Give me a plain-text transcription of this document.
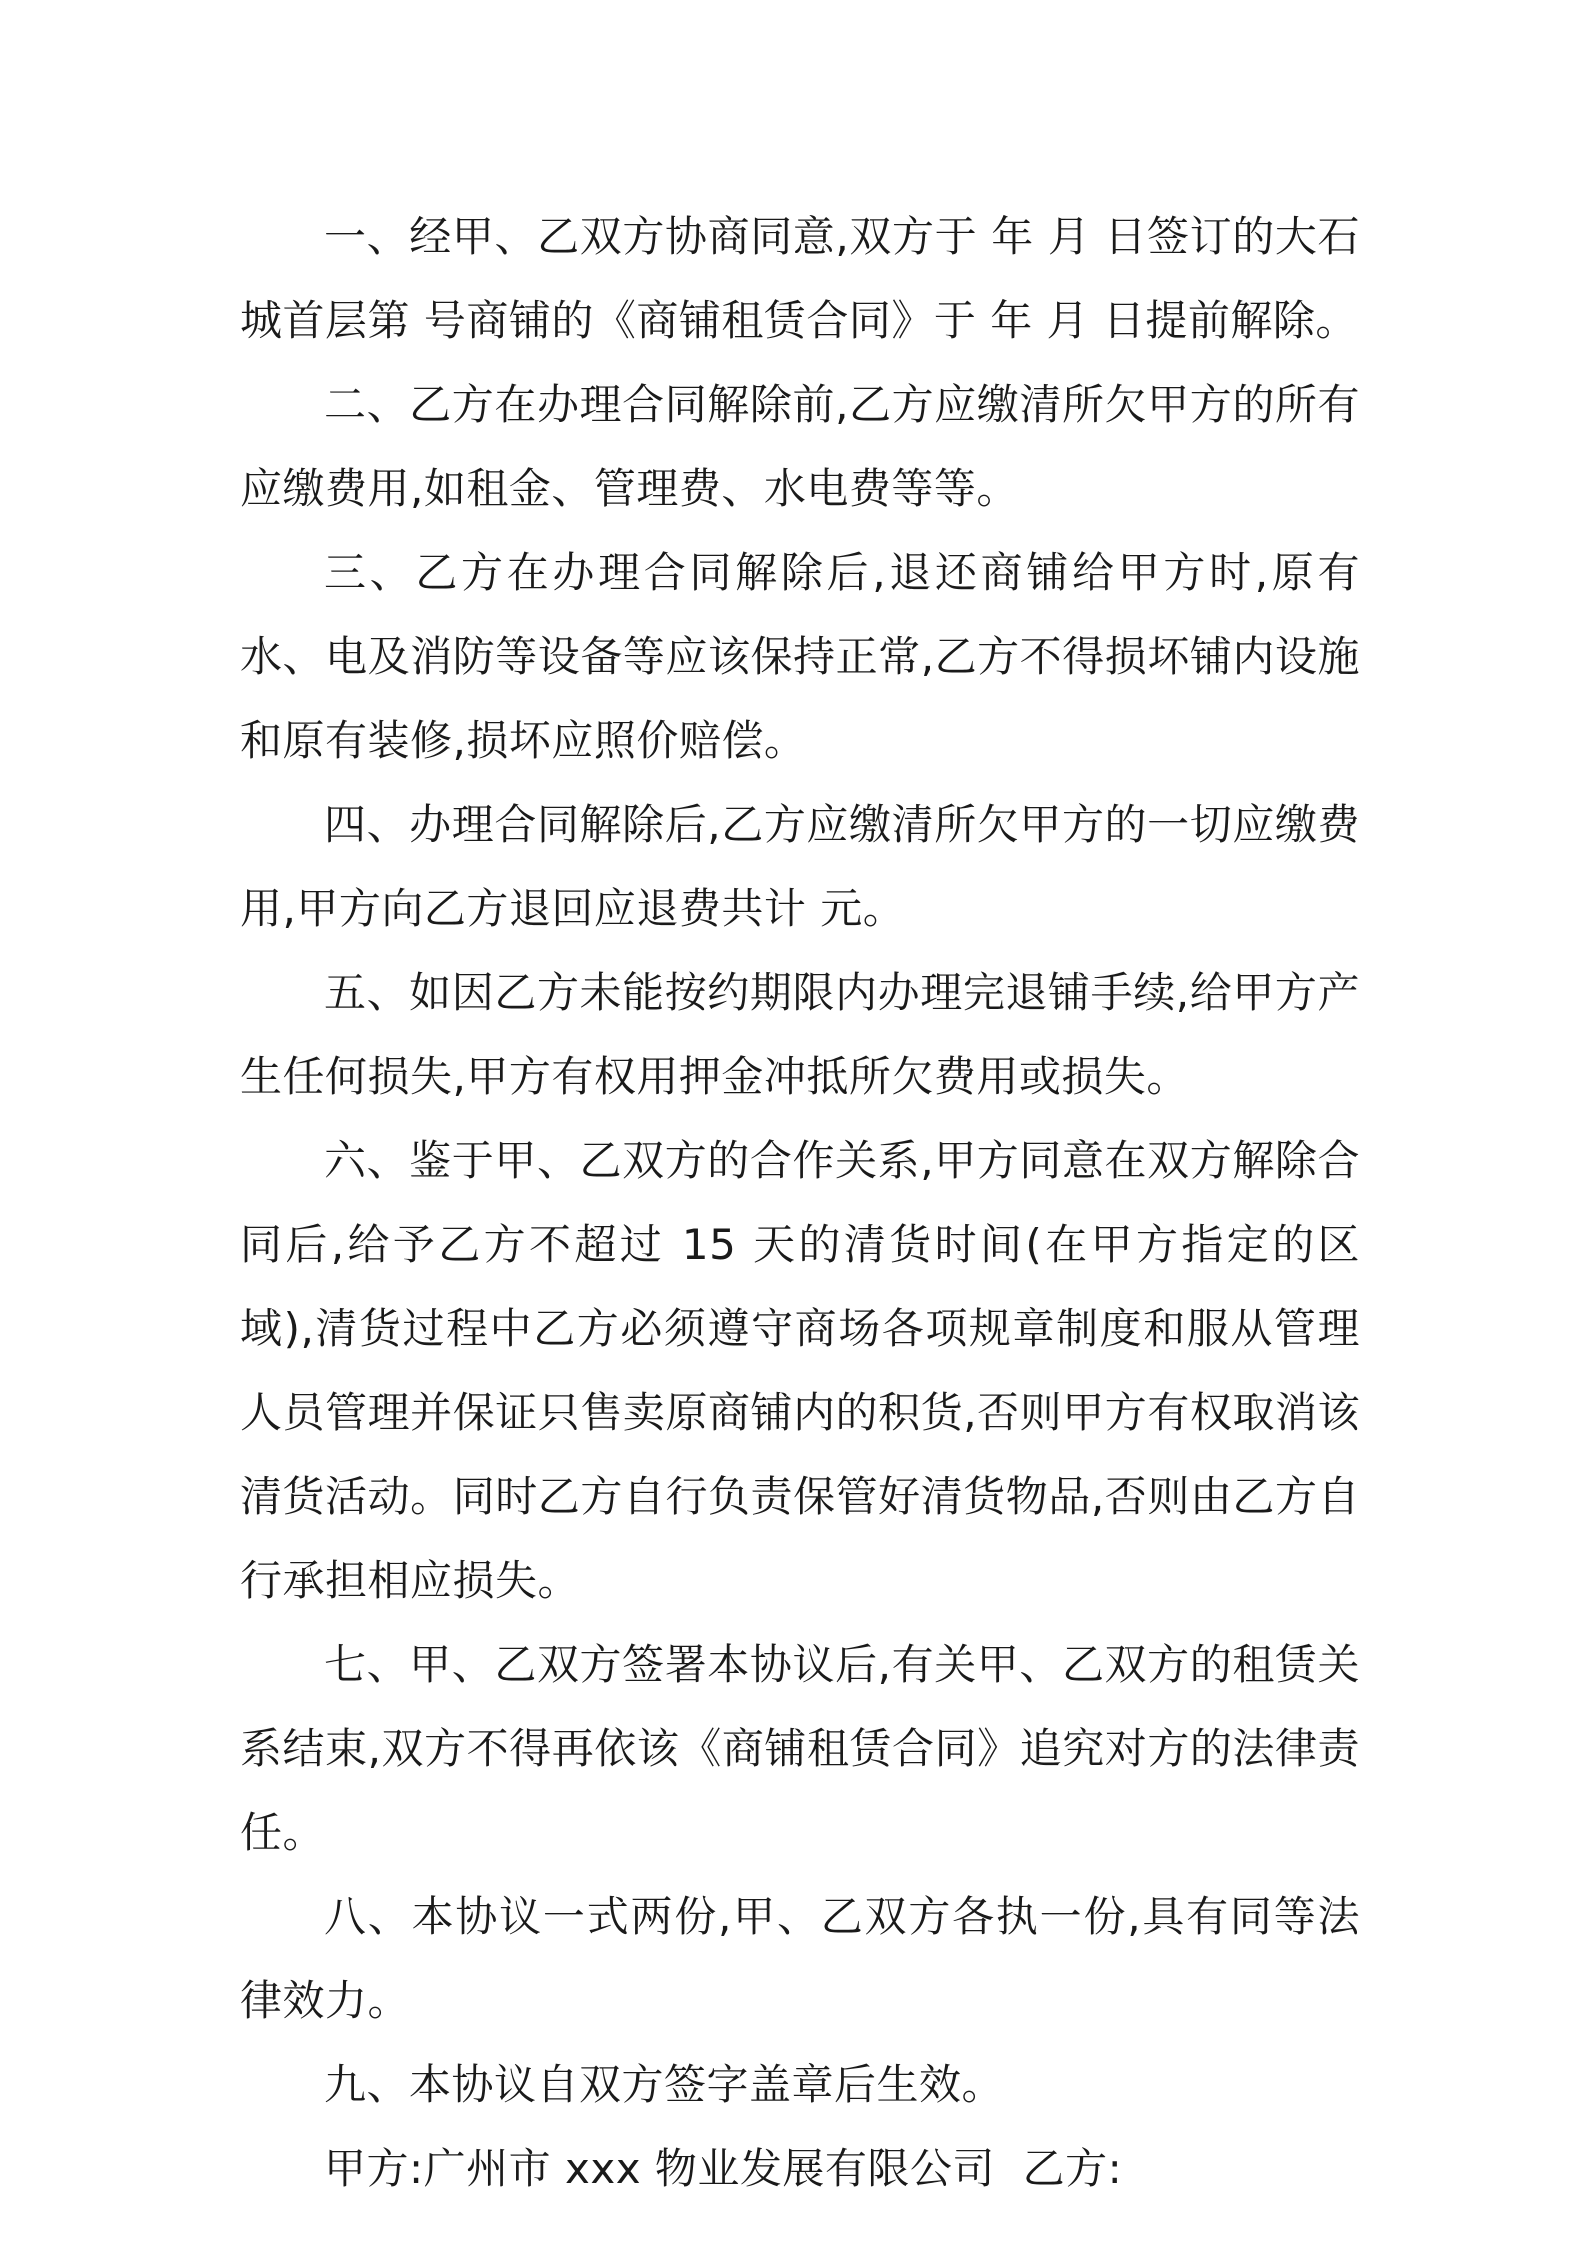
一、经甲、乙双方协商同意,双方于 年 月 日签订的大石城首层第 号商铺的《商铺租赁合同》于 年 月 日提前解除。

二、乙方在办理合同解除前,乙方应缴清所欠甲方的所有应缴费用,如租金、管理费、水电费等等。

三、乙方在办理合同解除后,退还商铺给甲方时,原有水、电及消防等设备等应该保持正常,乙方不得损坏铺内设施和原有装修,损坏应照价赔偿。

四、办理合同解除后,乙方应缴清所欠甲方的一切应缴费用,甲方向乙方退回应退费共计 元。

五、如因乙方未能按约期限内办理完退铺手续,给甲方产生任何损失,甲方有权用押金冲抵所欠费用或损失。

六、鉴于甲、乙双方的合作关系,甲方同意在双方解除合同后,给予乙方不超过 15 天的清货时间(在甲方指定的区域),清货过程中乙方必须遵守商场各项规章制度和服从管理人员管理并保证只售卖原商铺内的积货,否则甲方有权取消该清货活动。同时乙方自行负责保管好清货物品,否则由乙方自行承担相应损失。

七、甲、乙双方签署本协议后,有关甲、乙双方的租赁关系结束,双方不得再依该《商铺租赁合同》追究对方的法律责任。

八、本协议一式两份,甲、乙双方各执一份,具有同等法律效力。

九、本协议自双方签字盖章后生效。

甲方:广州市 xxx 物业发展有限公司  乙方:
